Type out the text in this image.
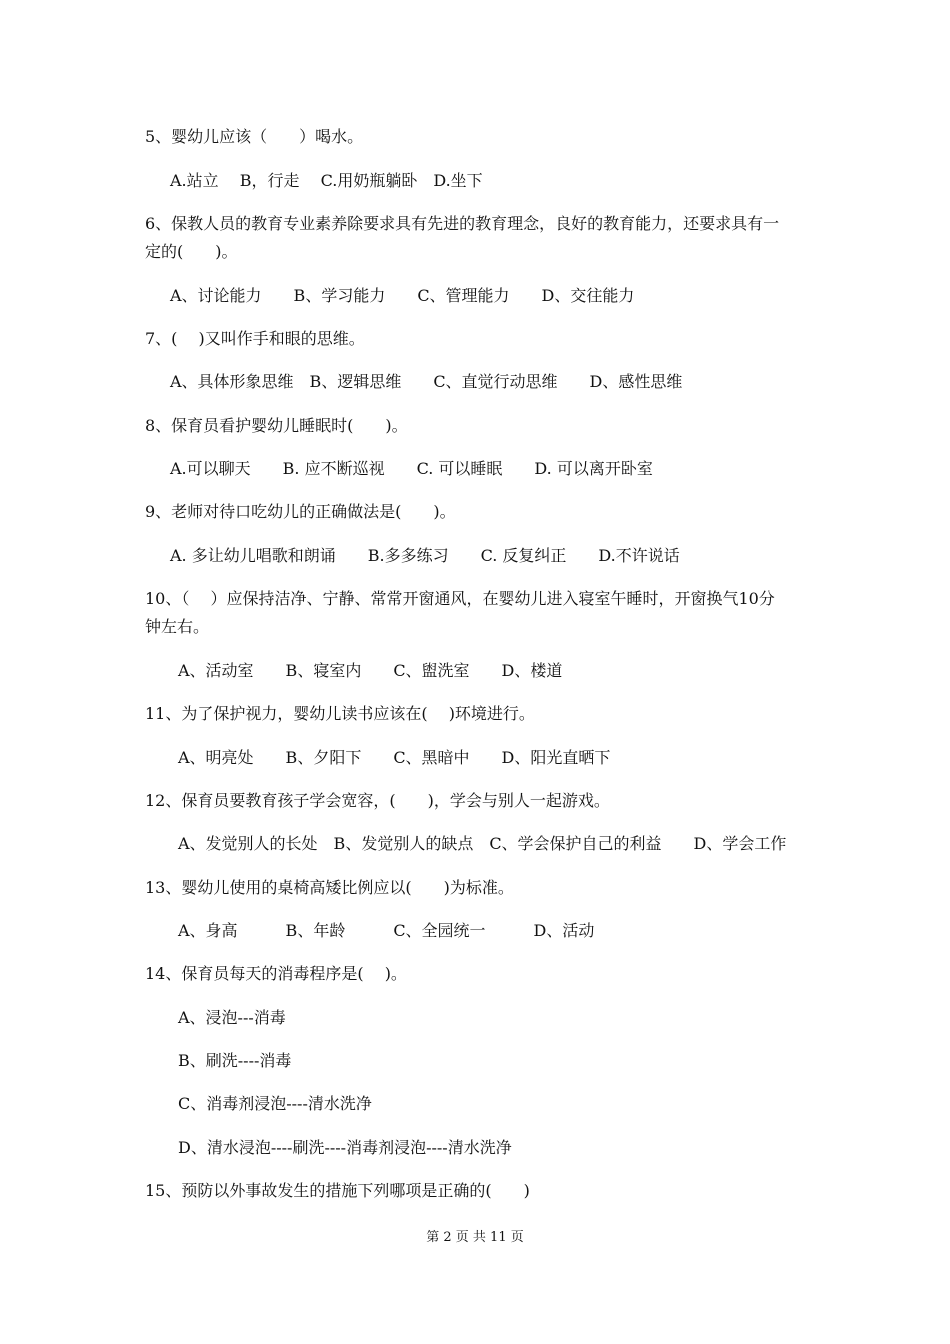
5、婴幼儿应该（　　）喝水。
A.站立　 B，行走　 C.用奶瓶躺卧　D.坐下
6、保教人员的教育专业素养除要求具有先进的教育理念，良好的教育能力，还要求具有一
定的(　　)。
A、讨论能力　　B、学习能力　　C、管理能力　　D、交往能力
7、(　 )又叫作手和眼的思维。
A、具体形象思维　B、逻辑思维　　C、直觉行动思维　　D、感性思维
8、保育员看护婴幼儿睡眠时(　　)。
A.可以聊天　　B. 应不断巡视　　C. 可以睡眠　　D. 可以离开卧室
9、老师对待口吃幼儿的正确做法是(　　)。
A. 多让幼儿唱歌和朗诵　　B.多多练习　　C. 反复纠正　　D.不许说话
10、（　 ）应保持洁净、宁静、常常开窗通风，在婴幼儿进入寝室午睡时，开窗换气10分
钟左右。
A、活动室　　B、寝室内　　C、盥洗室　　D、楼道
11、为了保护视力，婴幼儿读书应该在(　 )环境进行。
A、明亮处　　B、夕阳下　　C、黑暗中　　D、阳光直晒下
12、保育员要教育孩子学会宽容，(　　)，学会与别人一起游戏。
A、发觉别人的长处　B、发觉别人的缺点　C、学会保护自己的利益　　D、学会工作
13、婴幼儿使用的桌椅高矮比例应以(　　)为标准。
A、身高　　　B、年龄　　　C、全园统一　　　D、活动
14、保育员每天的消毒程序是(　 )。
A、浸泡---消毒
B、刷洗----消毒
C、消毒剂浸泡----清水洗净
D、清水浸泡----刷洗----消毒剂浸泡----清水洗净
15、预防以外事故发生的措施下列哪项是正确的(　　)
第 2 页 共 11 页
